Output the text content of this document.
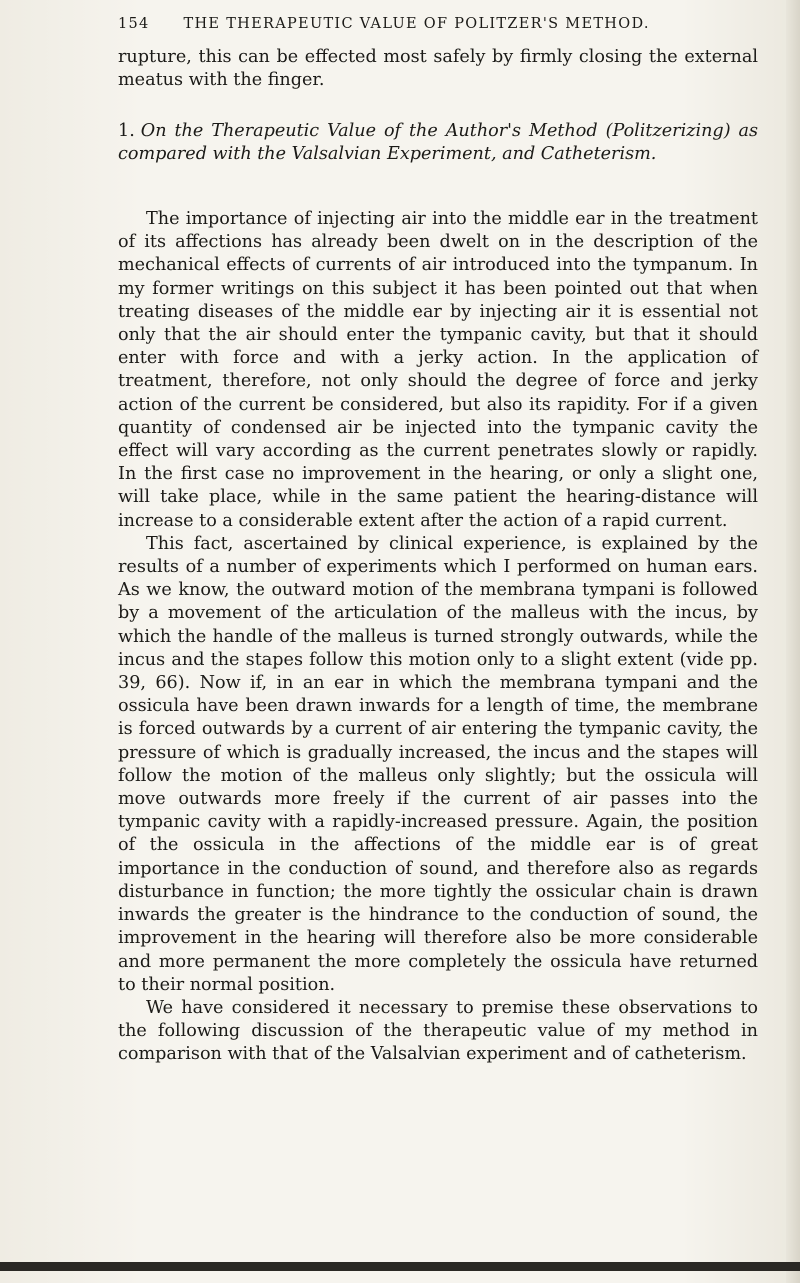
154 THE THERAPEUTIC VALUE OF POLITZER'S METHOD.
rupture, this can be effected most safely by firmly closing the external meatus with the finger.
1. On the Therapeutic Value of the Author's Method (Politzerizing) as compared with the Valsalvian Experiment, and Catheterism.

The importance of injecting air into the middle ear in the treatment of its affections has already been dwelt on in the description of the mechanical effects of currents of air introduced into the tympanum. In my former writings on this subject it has been pointed out that when treating diseases of the middle ear by injecting air it is essential not only that the air should enter the tympanic cavity, but that it should enter with force and with a jerky action. In the application of treatment, therefore, not only should the degree of force and jerky action of the current be considered, but also its rapidity. For if a given quantity of condensed air be injected into the tympanic cavity the effect will vary according as the current penetrates slowly or rapidly. In the first case no improvement in the hearing, or only a slight one, will take place, while in the same patient the hearing-distance will increase to a considerable extent after the action of a rapid current.

This fact, ascertained by clinical experience, is explained by the results of a number of experiments which I performed on human ears. As we know, the outward motion of the membrana tympani is followed by a movement of the articulation of the malleus with the incus, by which the handle of the malleus is turned strongly outwards, while the incus and the stapes follow this motion only to a slight extent (vide pp. 39, 66). Now if, in an ear in which the membrana tympani and the ossicula have been drawn inwards for a length of time, the membrane is forced outwards by a current of air entering the tympanic cavity, the pressure of which is gradually increased, the incus and the stapes will follow the motion of the malleus only slightly; but the ossicula will move outwards more freely if the current of air passes into the tympanic cavity with a rapidly-increased pressure. Again, the position of the ossicula in the affections of the middle ear is of great importance in the conduction of sound, and therefore also as regards disturbance in function; the more tightly the ossicular chain is drawn inwards the greater is the hindrance to the conduction of sound, the improvement in the hearing will therefore also be more considerable and more permanent the more completely the ossicula have returned to their normal position.

We have considered it necessary to premise these observations to the following discussion of the therapeutic value of my method in comparison with that of the Valsalvian experiment and of catheterism.
